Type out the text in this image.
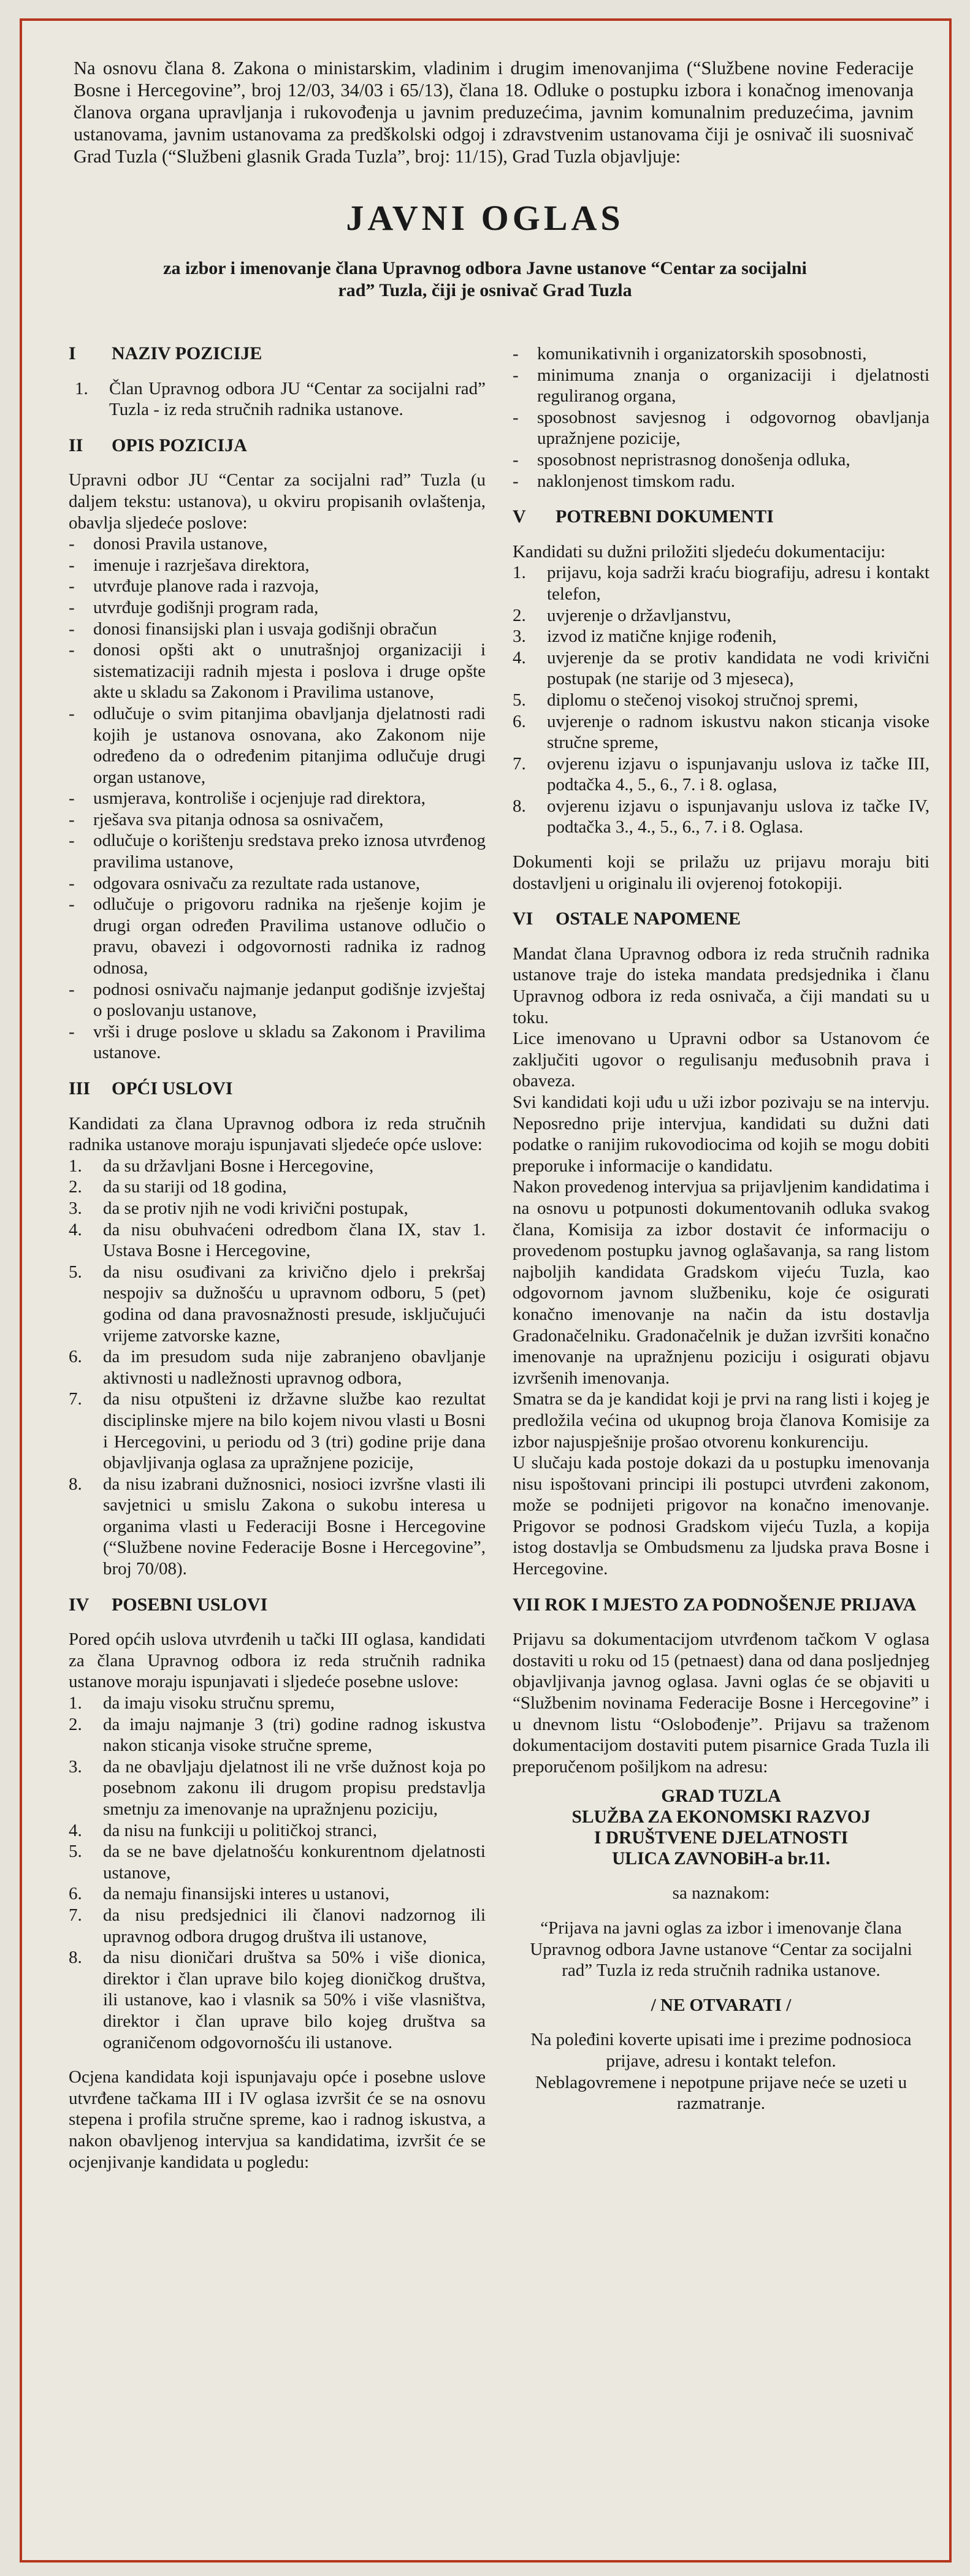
Na osnovu člana 8. Zakona o ministarskim, vladinim i drugim imenovanjima (“Službene novine Federacije Bosne i Hercegovine”, broj 12/03, 34/03 i 65/13), člana 18. Odluke o postupku izbora i konačnog imenovanja članova organa upravljanja i rukovođenja u javnim preduzećima, javnim komunalnim preduzećima, javnim ustanovama, javnim ustanovama za predškolski odgoj i zdravstvenim ustanovama čiji je osnivač ili suosnivač Grad Tuzla (“Službeni glasnik Grada Tuzla”, broj: 11/15), Grad Tuzla objavljuje:

JAVNI OGLAS
za izbor i imenovanje člana Upravnog odbora Javne ustanove “Centar za socijalni rad” Tuzla, čiji je osnivač Grad Tuzla
I	NAZIV POZICIJE
1.	Član Upravnog odbora JU “Centar za socijalni rad” Tuzla - iz reda stručnih radnika ustanove.
II	OPIS POZICIJA

Upravni odbor JU “Centar za socijalni rad” Tuzla (u daljem tekstu: ustanova), u okviru propisanih ovlaštenja, obavlja sljedeće poslove:

-	donosi Pravila ustanove,
-	imenuje i razrješava direktora,
-	utvrđuje planove rada i razvoja,
-	utvrđuje godišnji program rada,
-	donosi finansijski plan i usvaja godišnji obračun
-	donosi opšti akt o unutrašnjoj organizaciji i sistematizaciji radnih mjesta i poslova i druge opšte akte u skladu sa Zakonom i Pravilima ustanove,
-	odlučuje o svim pitanjima obavljanja djelatnosti radi kojih je ustanova osnovana, ako Zakonom nije određeno da o određenim pitanjima odlučuje drugi organ ustanove,
-	usmjerava, kontroliše i ocjenjuje rad direktora,
-	rješava sva pitanja odnosa sa osnivačem,
-	odlučuje o korištenju sredstava preko iznosa utvrđenog pravilima ustanove,
-	odgovara osnivaču za rezultate rada ustanove,
-	odlučuje o prigovoru radnika na rješenje kojim je drugi organ određen Pravilima ustanove odlučio o pravu, obavezi i odgovornosti radnika iz radnog odnosa,
-	podnosi osnivaču najmanje jedanput godišnje izvještaj o poslovanju ustanove,
-	vrši i druge poslove u skladu sa Zakonom i Pravilima ustanove.
III	OPĆI USLOVI

Kandidati za člana Upravnog odbora iz reda stručnih radnika ustanove moraju ispunjavati sljedeće opće uslove:

1.	da su državljani Bosne i Hercegovine,
2.	da su stariji od 18 godina,
3.	da se protiv njih ne vodi krivični postupak,
4.	da nisu obuhvaćeni odredbom člana IX, stav 1. Ustava Bosne i Hercegovine,
5.	da nisu osuđivani za krivično djelo i prekršaj nespojiv sa dužnošću u upravnom odboru, 5 (pet) godina od dana pravosnažnosti presude, isključujući vrijeme zatvorske kazne,
6.	da im presudom suda nije zabranjeno obavljanje aktivnosti u nadležnosti upravnog odbora,
7.	da nisu otpušteni iz državne službe kao rezultat disciplinske mjere na bilo kojem nivou vlasti u Bosni i Hercegovini, u periodu od 3 (tri) godine prije dana objavljivanja oglasa za upražnjene pozicije,
8.	da nisu izabrani dužnosnici, nosioci izvršne vlasti ili savjetnici u smislu Zakona o sukobu interesa u organima vlasti u Federaciji Bosne i Hercegovine (“Službene novine Federacije Bosne i Hercegovine”, broj 70/08).
IV	POSEBNI USLOVI

Pored općih uslova utvrđenih u tački III oglasa, kandidati za člana Upravnog odbora iz reda stručnih radnika ustanove moraju ispunjavati i sljedeće posebne uslove:

1.	da imaju visoku stručnu spremu,
2.	da imaju najmanje 3 (tri) godine radnog iskustva nakon sticanja visoke stručne spreme,
3.	da ne obavljaju djelatnost ili ne vrše dužnost koja po posebnom zakonu ili drugom propisu predstavlja smetnju za imenovanje na upražnjenu poziciju,
4.	da nisu na funkciji u političkoj stranci,
5.	da se ne bave djelatnošću konkurentnom djelatnosti ustanove,
6.	da nemaju finansijski interes u ustanovi,
7.	da nisu predsjednici ili članovi nadzornog ili upravnog odbora drugog društva ili ustanove,
8.	da nisu dioničari društva sa 50% i više dionica, direktor i član uprave bilo kojeg dioničkog društva, ili ustanove, kao i vlasnik sa 50% i više vlasništva, direktor i član uprave bilo kojeg društva sa ograničenom odgovornošću ili ustanove.

Ocjena kandidata koji ispunjavaju opće i posebne uslove utvrđene tačkama III i IV oglasa izvršit će se na osnovu stepena i profila stručne spreme, kao i radnog iskustva, a nakon obavljenog intervjua sa kandidatima, izvršit će se ocjenjivanje kandidata u pogledu:

-	komunikativnih i organizatorskih sposobnosti,
-	minimuma znanja o organizaciji i djelatnosti reguliranog organa,
-	sposobnost savjesnog i odgovornog obavljanja upražnjene pozicije,
-	sposobnost nepristrasnog donošenja odluka,
-	naklonjenost timskom radu.
V	POTREBNI DOKUMENTI

Kandidati su dužni priložiti sljedeću dokumentaciju:

1.	prijavu, koja sadrži kraću biografiju, adresu i kontakt telefon,
2.	uvjerenje o državljanstvu,
3.	izvod iz matične knjige rođenih,
4.	uvjerenje da se protiv kandidata ne vodi krivični postupak (ne starije od 3 mjeseca),
5.	diplomu o stečenoj visokoj stručnoj spremi,
6.	uvjerenje o radnom iskustvu nakon sticanja visoke stručne spreme,
7.	ovjerenu izjavu o ispunjavanju uslova iz tačke III, podtačka 4., 5., 6., 7. i 8. oglasa,
8.	ovjerenu izjavu o ispunjavanju uslova iz tačke IV, podtačka 3., 4., 5., 6., 7. i 8. Oglasa.

Dokumenti koji se prilažu uz prijavu moraju biti dostavljeni u originalu ili ovjerenoj fotokopiji.

VI	OSTALE NAPOMENE

Mandat člana Upravnog odbora iz reda stručnih radnika ustanove traje do isteka mandata predsjednika i članu Upravnog odbora iz reda osnivača, a čiji mandati su u toku.

Lice imenovano u Upravni odbor sa Ustanovom će zaključiti ugovor o regulisanju međusobnih prava i obaveza.

Svi kandidati koji uđu u uži izbor pozivaju se na intervju. Neposredno prije intervjua, kandidati su dužni dati podatke o ranijim rukovodiocima od kojih se mogu dobiti preporuke i informacije o kandidatu.

Nakon provedenog intervjua sa prijavljenim kandidatima i na osnovu u potpunosti dokumentovanih odluka svakog člana, Komisija za izbor dostavit će informaciju o provedenom postupku javnog oglašavanja, sa rang listom najboljih kandidata Gradskom vijeću Tuzla, kao odgovornom javnom službeniku, koje će osigurati konačno imenovanje na način da istu dostavlja Gradonačelniku. Gradonačelnik je dužan izvršiti konačno imenovanje na upražnjenu poziciju i osigurati objavu izvršenih imenovanja.

Smatra se da je kandidat koji je prvi na rang listi i kojeg je predložila većina od ukupnog broja članova Komisije za izbor najuspješnije prošao otvorenu konkurenciju.

U slučaju kada postoje dokazi da u postupku imenovanja nisu ispoštovani principi ili postupci utvrđeni zakonom, može se podnijeti prigovor na konačno imenovanje. Prigovor se podnosi Gradskom vijeću Tuzla, a kopija istog dostavlja se Ombudsmenu za ljudska prava Bosne i Hercegovine.

VII ROK I MJESTO ZA PODNOŠENJE PRIJAVA

Prijavu sa dokumentacijom utvrđenom tačkom V oglasa dostaviti u roku od 15 (petnaest) dana od dana posljednjeg objavljivanja javnog oglasa. Javni oglas će se objaviti u “Službenim novinama Federacije Bosne i Hercegovine” i u dnevnom listu “Oslobođenje”. Prijavu sa traženom dokumentacijom dostaviti putem pisarnice Grada Tuzla ili preporučenom pošiljkom na adresu:

GRAD TUZLA
SLUŽBA ZA EKONOMSKI RAZVOJ
I DRUŠTVENE DJELATNOSTI
ULICA ZAVNOBiH-a br.11.

sa naznakom:

“Prijava na javni oglas za izbor i imenovanje člana Upravnog odbora Javne ustanove “Centar za socijalni rad” Tuzla iz reda stručnih radnika ustanove.

/ NE OTVARATI /

Na poleđini koverte upisati ime i prezime podnosioca prijave, adresu i kontakt telefon.

Neblagovremene i nepotpune prijave neće se uzeti u razmatranje.
